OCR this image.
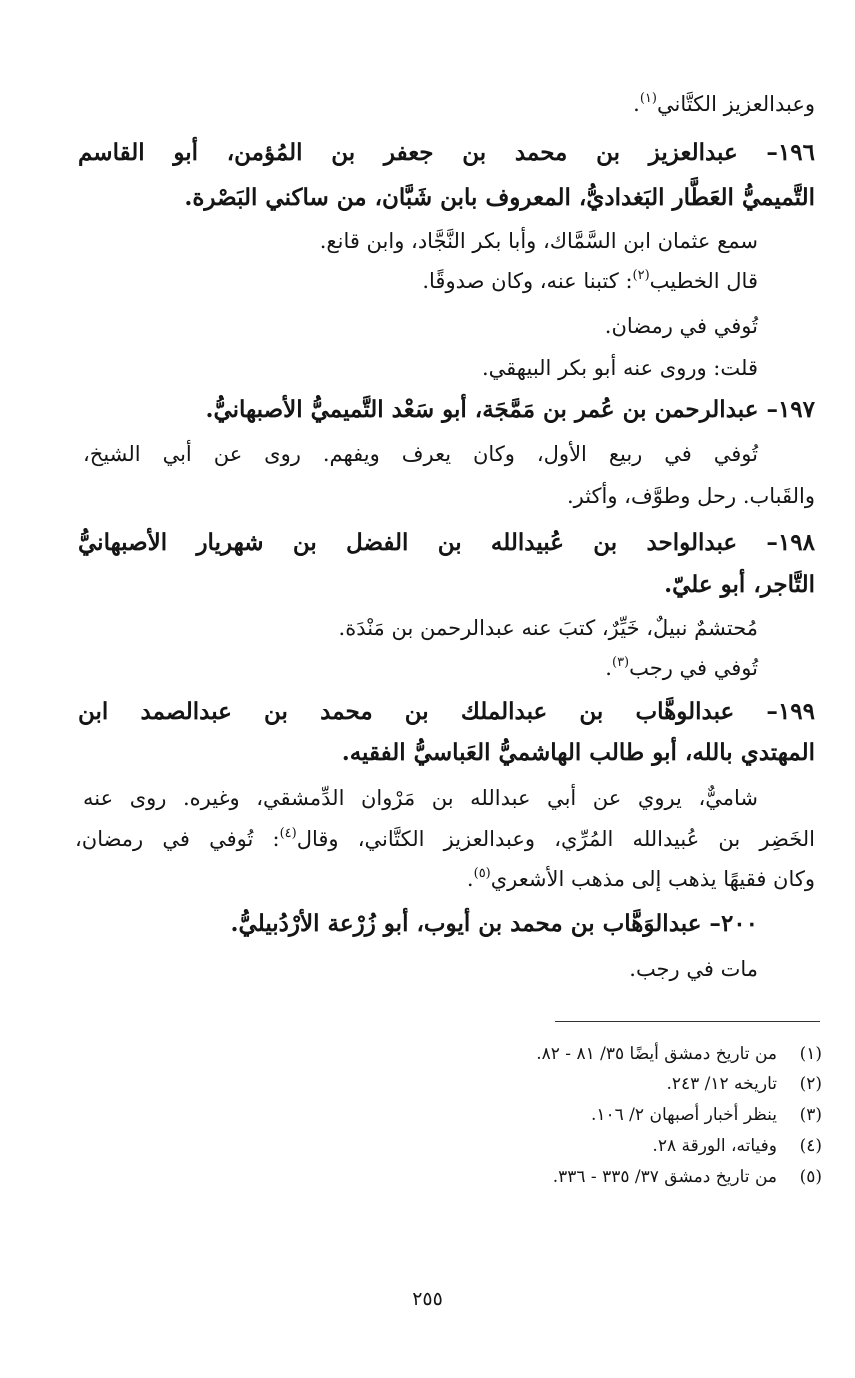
وعبدالعزيز الكتَّاني$^{(١)}$.
١٩٦– عبدالعزيز بن محمد بن جعفر بن المُؤمن، أبو القاسم
التَّميميُّ العَطَّار البَغداديُّ، المعروف بابن شَبَّان، من ساكني البَصْرة.
سمع عثمان ابن السَّمَّاك، وأبا بكر النَّجَّاد، وابن قانع.
قال الخطيب$^{(٢)}$: كتبنا عنه، وكان صدوقًا.
تُوفي في رمضان.
قلت: وروى عنه أبو بكر البيهقي.
١٩٧– عبدالرحمن بن عُمر بن مَمَّجَة، أبو سَعْد التَّميميُّ الأصبهانيُّ.
تُوفي في ربيع الأول، وكان يعرف ويفهم. روى عن أبي الشيخ،
والقَباب. رحل وطوَّف، وأكثر.
١٩٨– عبدالواحد بن عُبيدالله بن الفضل بن شهريار الأصبهانيُّ
التَّاجر، أبو عليّ.
مُحتشمٌ نبيلٌ، خَيِّرٌ، كتبَ عنه عبدالرحمن بن مَنْدَة.
تُوفي في رجب$^{(٣)}$.
١٩٩– عبدالوهَّاب بن عبدالملك بن محمد بن عبدالصمد ابن
المهتدي بالله، أبو طالب الهاشميُّ العَباسيُّ الفقيه.
شاميٌّ، يروي عن أبي عبدالله بن مَرْوان الدِّمشقي، وغيره. روى عنه
الخَضِر بن عُبيدالله المُرِّي، وعبدالعزيز الكتَّاني، وقال$^{(٤)}$: تُوفي في رمضان،
وكان فقيهًا يذهب إلى مذهب الأشعري$^{(٥)}$.
٢٠٠– عبدالوَهَّاب بن محمد بن أيوب، أبو زُرْعة الأرْدُبيليُّ.
مات في رجب.
(١)من تاريخ دمشق أيضًا ٣٥/ ٨١ - ٨٢.
(٢)تاريخه ١٢/ ٢٤٣.
(٣)ينظر أخبار أصبهان ٢/ ١٠٦.
(٤)وفياته، الورقة ٢٨.
(٥)من تاريخ دمشق ٣٧/ ٣٣٥ - ٣٣٦.
٢٥٥
